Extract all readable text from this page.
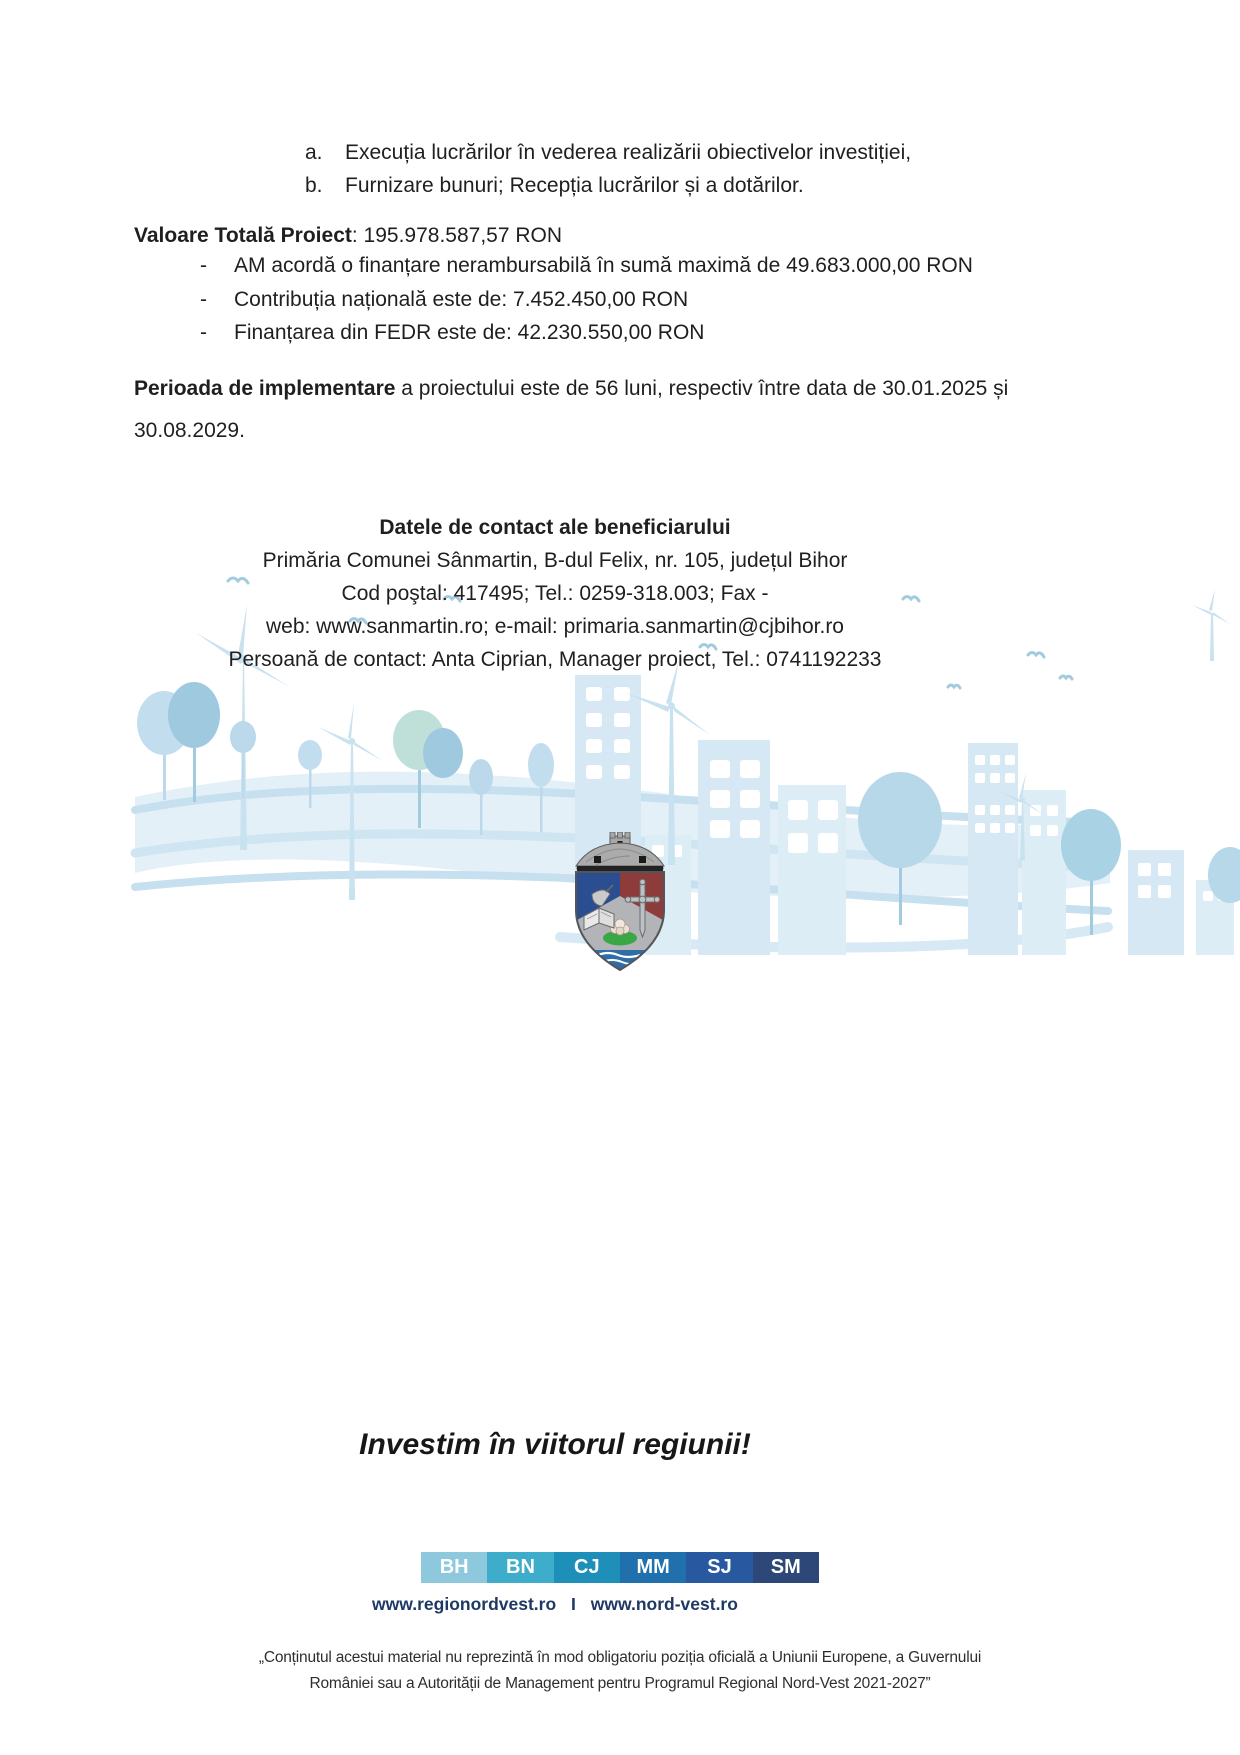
a.	Execuția lucrărilor în vederea realizării obiectivelor investiției,
b.	Furnizare bunuri; Recepția lucrărilor și a dotărilor.
Valoare Totală Proiect: 195.978.587,57 RON
-	AM acordă o finanțare nerambursabilă în sumă maximă de 49.683.000,00 RON
-	Contribuția națională este de: 7.452.450,00 RON
-	Finanțarea din FEDR este de: 42.230.550,00 RON
Perioada de implementare a proiectului este de 56 luni, respectiv între data de 30.01.2025 și 30.08.2029.
Datele de contact ale beneficiarului
Primăria Comunei Sânmartin, B-dul Felix, nr. 105, județul Bihor
Cod poştal: 417495; Tel.: 0259-318.003; Fax -
web: www.sanmartin.ro; e-mail: primaria.sanmartin@cjbihor.ro
Persoană de contact: Anta Ciprian, Manager proiect, Tel.: 0741192233
Investim în viitorul regiunii!
BH	BN	CJ	MM	SJ	SM
www.regionordvest.ro I www.nord-vest.ro
„Conținutul acestui material nu reprezintă în mod obligatoriu poziția oficială a Uniunii Europene, a Guvernului
României sau a Autorității de Management pentru Programul Regional Nord-Vest 2021-2027”
